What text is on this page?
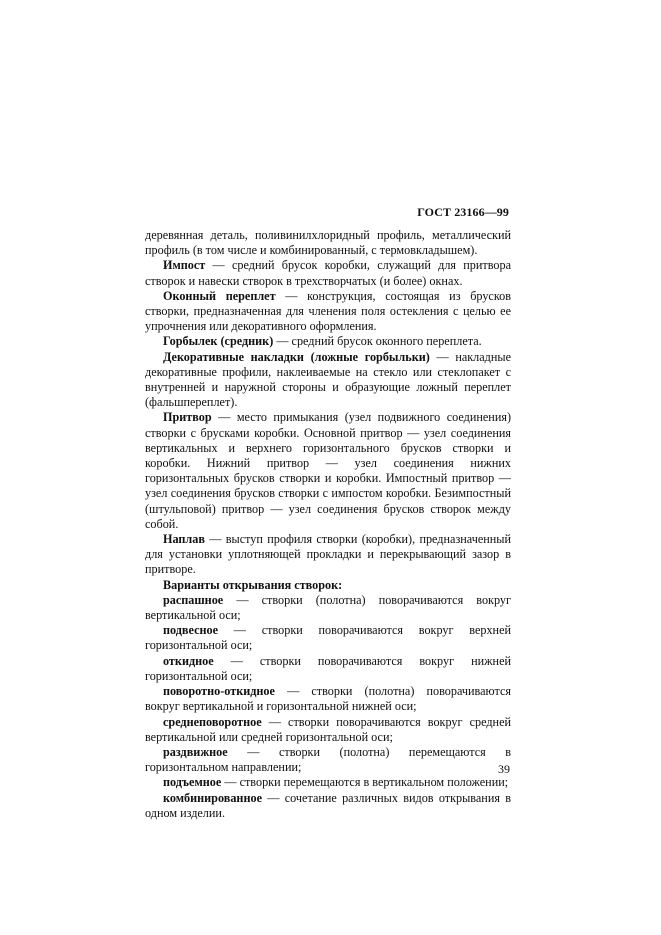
ГОСТ 23166—99

деревянная деталь, поливинилхлоридный профиль, металлический профиль (в том числе и комбинированный, с термовкладышем).

Импост — средний брусок коробки, служащий для притвора створок и навески створок в трехстворчатых (и более) окнах.

Оконный переплет — конструкция, состоящая из брусков створки, предназначенная для членения поля остекления с целью ее упрочнения или декоративного оформления.

Горбылек (средник) — средний брусок оконного переплета.

Декоративные накладки (ложные горбыльки) — накладные декоративные профили, наклеиваемые на стекло или стеклопакет с внутренней и наружной стороны и образующие ложный переплет (фальшпереплет).

Притвор — место примыкания (узел подвижного соединения) створки с брусками коробки. Основной притвор — узел соединения вертикальных и верхнего горизонтального брусков створки и коробки. Нижний притвор — узел соединения нижних горизонтальных брусков створки и коробки. Импостный притвор — узел соединения брусков створки с импостом коробки. Безимпостный (штульповой) притвор — узел соединения брусков створок между собой.

Наплав — выступ профиля створки (коробки), предназначенный для установки уплотняющей прокладки и перекрывающий зазор в притворе.

Варианты открывания створок:

распашное — створки (полотна) поворачиваются вокруг вертикальной оси;

подвесное — створки поворачиваются вокруг верхней горизонтальной оси;

откидное — створки поворачиваются вокруг нижней горизонтальной оси;

поворотно-откидное — створки (полотна) поворачиваются вокруг вертикальной и горизонтальной нижней оси;

среднеповоротное — створки поворачиваются вокруг средней вертикальной или средней горизонтальной оси;

раздвижное — створки (полотна) перемещаются в горизонтальном направлении;

подъемное — створки перемещаются в вертикальном положении;

комбинированное — сочетание различных видов открывания в одном изделии.

39
